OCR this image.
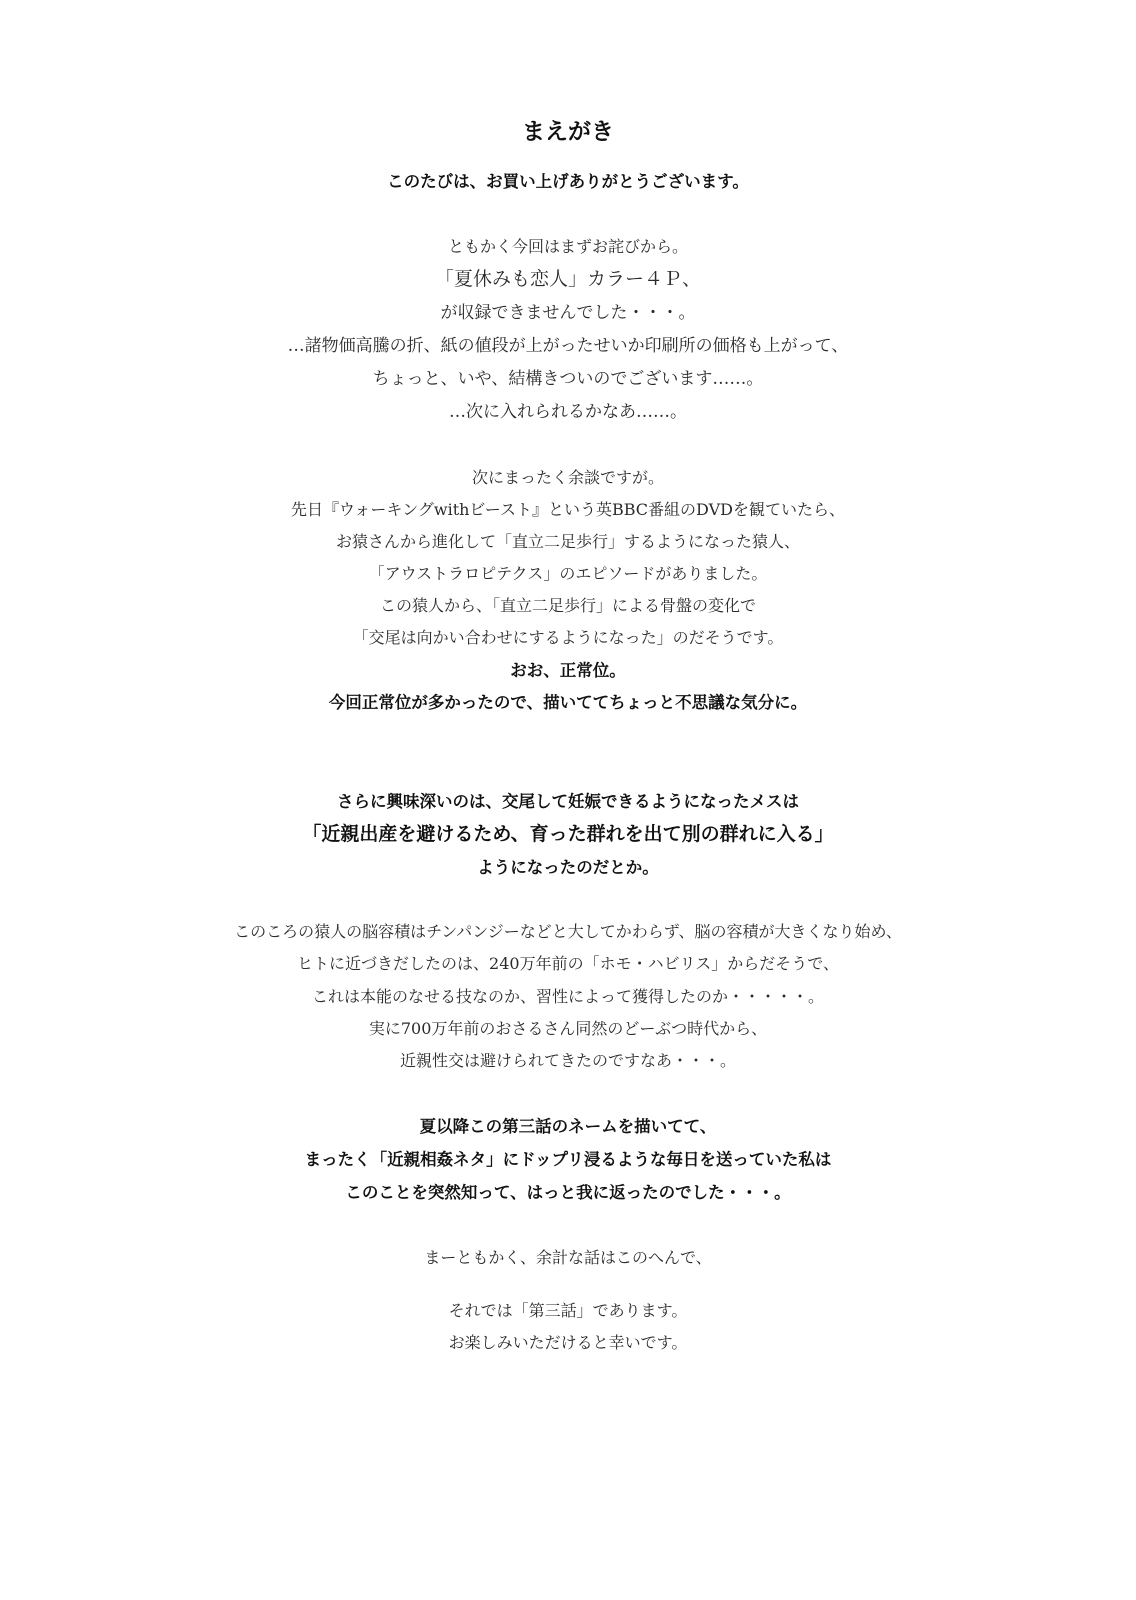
まえがき
このたびは、お買い上げありがとうございます。
ともかく今回はまずお詫びから。
「夏休みも恋人」カラー４Ｐ、
が収録できませんでした・・・。
…諸物価高騰の折、紙の値段が上がったせいか印刷所の価格も上がって、
ちょっと、いや、結構きついのでございます……。
…次に入れられるかなあ……。
次にまったく余談ですが。
先日『ウォーキングwithビースト』という英BBC番組のDVDを観ていたら、
お猿さんから進化して「直立二足歩行」するようになった猿人、
「アウストラロピテクス」のエピソードがありました。
この猿人から、「直立二足歩行」による骨盤の変化で
「交尾は向かい合わせにするようになった」のだそうです。
おお、正常位。
今回正常位が多かったので、描いててちょっと不思議な気分に。
さらに興味深いのは、交尾して妊娠できるようになったメスは
「近親出産を避けるため、育った群れを出て別の群れに入る」
ようになったのだとか。
このころの猿人の脳容積はチンパンジーなどと大してかわらず、脳の容積が大きくなり始め、
ヒトに近づきだしたのは、240万年前の「ホモ・ハビリス」からだそうで、
これは本能のなせる技なのか、習性によって獲得したのか・・・・・。
実に700万年前のおさるさん同然のどーぶつ時代から、
近親性交は避けられてきたのですなあ・・・。
夏以降この第三話のネームを描いてて、
まったく「近親相姦ネタ」にドップリ浸るような毎日を送っていた私は
このことを突然知って、はっと我に返ったのでした・・・。
まーともかく、余計な話はこのへんで、
それでは「第三話」であります。
お楽しみいただけると幸いです。
